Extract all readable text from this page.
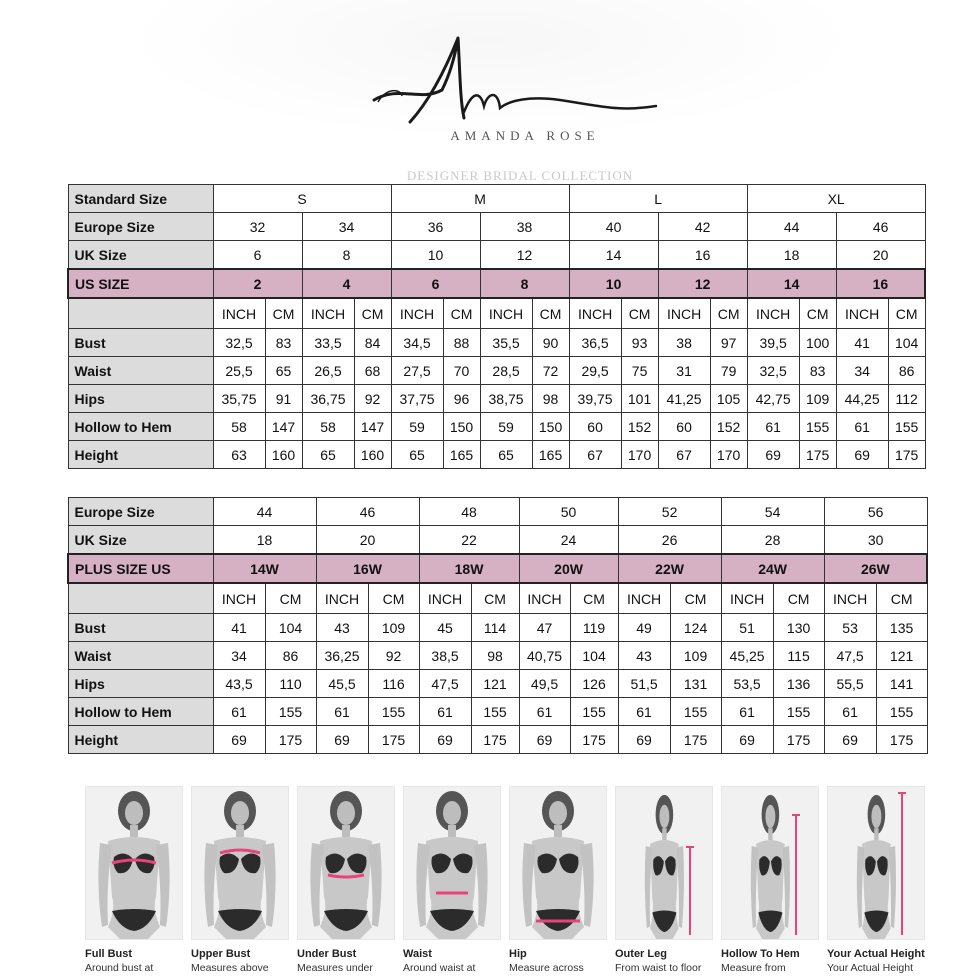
AMANDA ROSE
DESIGNER BRIDAL COLLECTION
Standard Size	S				M				L				XL			
Europe Size	32		34		36		38		40		42		44		46	
UK Size	6		8		10		12		14		16		18		20	
US SIZE	2		4		6		8		10		12		14		16	
	INCH	CM	INCH	CM	INCH	CM	INCH	CM	INCH	CM	INCH	CM	INCH	CM	INCH	CM
Bust	32,5	83	33,5	84	34,5	88	35,5	90	36,5	93	38	97	39,5	100	41	104
Waist	25,5	65	26,5	68	27,5	70	28,5	72	29,5	75	31	79	32,5	83	34	86
Hips	35,75	91	36,75	92	37,75	96	38,75	98	39,75	101	41,25	105	42,75	109	44,25	112
Hollow to Hem	58	147	58	147	59	150	59	150	60	152	60	152	61	155	61	155
Height	63	160	65	160	65	165	65	165	67	170	67	170	69	175	69	175
Europe Size	44		46		48		50		52		54		56	
UK Size	18		20		22		24		26		28		30	
PLUS SIZE US	14W		16W		18W		20W		22W		24W		26W	
	INCH	CM	INCH	CM	INCH	CM	INCH	CM	INCH	CM	INCH	CM	INCH	CM
Bust	41	104	43	109	45	114	47	119	49	124	51	130	53	135
Waist	34	86	36,25	92	38,5	98	40,75	104	43	109	45,25	115	47,5	121
Hips	43,5	110	45,5	116	47,5	121	49,5	126	51,5	131	53,5	136	55,5	141
Hollow to Hem	61	155	61	155	61	155	61	155	61	155	61	155	61	155
Height	69	175	69	175	69	175	69	175	69	175	69	175	69	175
Full Bust
Around bust at
Upper Bust
Measures above
Under Bust
Measures under
Waist
Around waist at
Hip
Measure across
Outer Leg
From waist to floor
Hollow To Hem
Measure from
Your Actual Height
Your Actual Height
